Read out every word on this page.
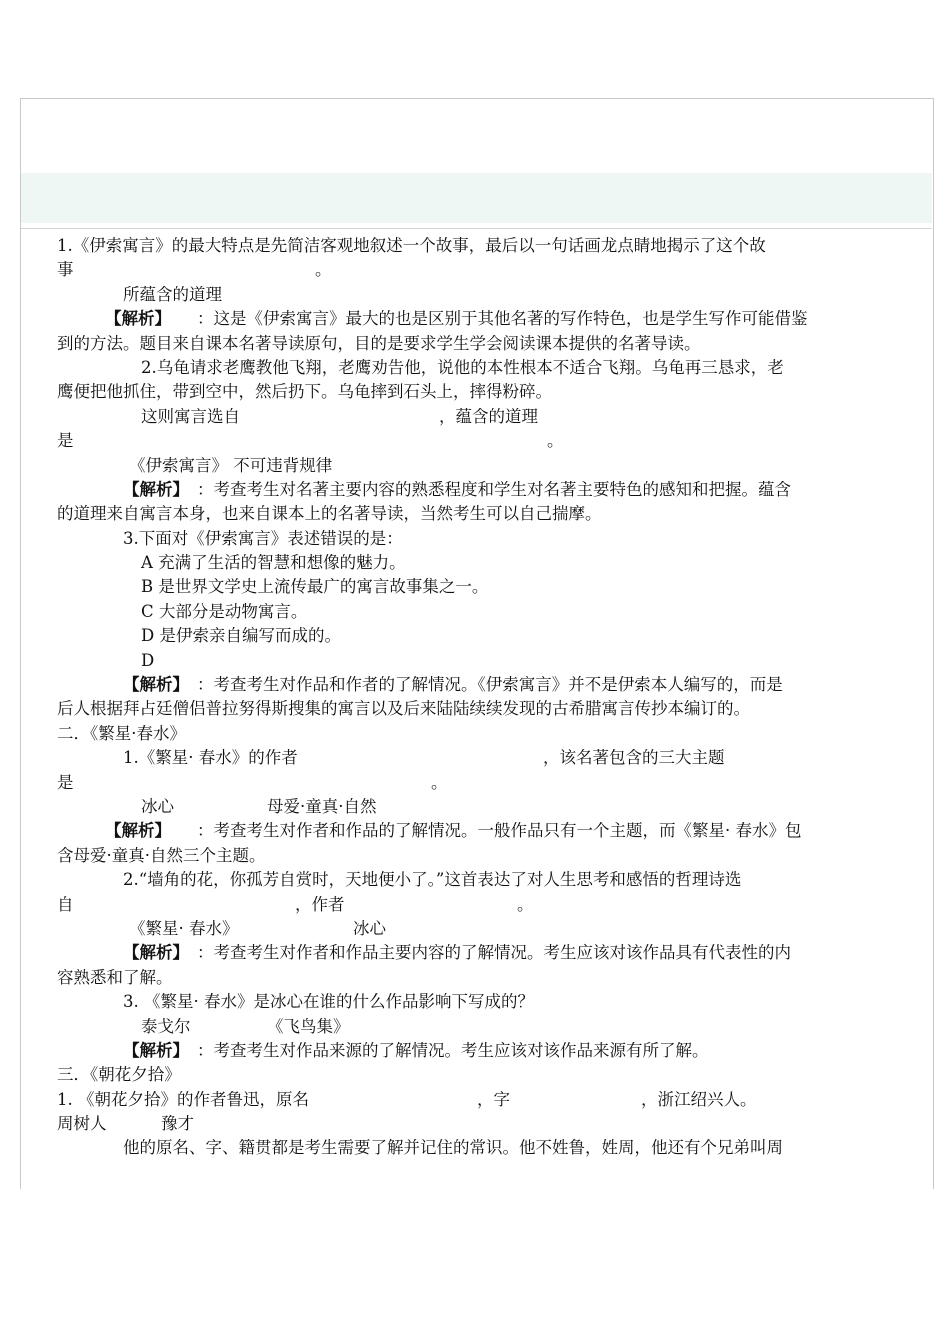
1.《伊索寓言》的最大特点是先简洁客观地叙述一个故事，最后以一句话画龙点睛地揭示了这个故
事	。
所蕴含的道理
【解析】 ：这是《伊索寓言》最大的也是区别于其他名著的写作特色，也是学生写作可能借鉴
到的方法。题目来自课本名著导读原句，目的是要求学生学会阅读课本提供的名著导读。
2.乌龟请求老鹰教他飞翔，老鹰劝告他，说他的本性根本不适合飞翔。乌龟再三恳求，老
鹰便把他抓住，带到空中，然后扔下。乌龟摔到石头上，摔得粉碎。
这则寓言选自	，蕴含的道理
是	。
《伊索寓言》 不可违背规律
【解析】 ：考查考生对名著主要内容的熟悉程度和学生对名著主要特色的感知和把握。蕴含
的道理来自寓言本身，也来自课本上的名著导读，当然考生可以自己揣摩。
3.下面对《伊索寓言》表述错误的是：
A 充满了生活的智慧和想像的魅力。
B 是世界文学史上流传最广的寓言故事集之一。
C 大部分是动物寓言。
D 是伊索亲自编写而成的。
D
【解析】 ：考查考生对作品和作者的了解情况。《伊索寓言》并不是伊索本人编写的，而是
后人根据拜占廷僧侣普拉努得斯搜集的寓言以及后来陆陆续续发现的古希腊寓言传抄本编订的。
二．《繁星·春水》
1.《繁星· 春水》的作者	，该名著包含的三大主题
是	。
冰心	母爱·童真·自然
【解析】 ：考查考生对作者和作品的了解情况。一般作品只有一个主题，而《繁星· 春水》包
含母爱·童真·自然三个主题。
2.“墙角的花，你孤芳自赏时，天地便小了。”这首表达了对人生思考和感悟的哲理诗选
自	，作者	。
《繁星· 春水》	冰心
【解析】 ：考查考生对作者和作品主要内容的了解情况。考生应该对该作品具有代表性的内
容熟悉和了解。
3. 《繁星· 春水》是冰心在谁的什么作品影响下写成的？
泰戈尔	《飞鸟集》
【解析】 ：考查考生对作品来源的了解情况。考生应该对该作品来源有所了解。
三．《朝花夕拾》
1. 《朝花夕拾》的作者鲁迅，原名	，字	，浙江绍兴人。
周树人	豫才
他的原名、字、籍贯都是考生需要了解并记住的常识。他不姓鲁，姓周，他还有个兄弟叫周
